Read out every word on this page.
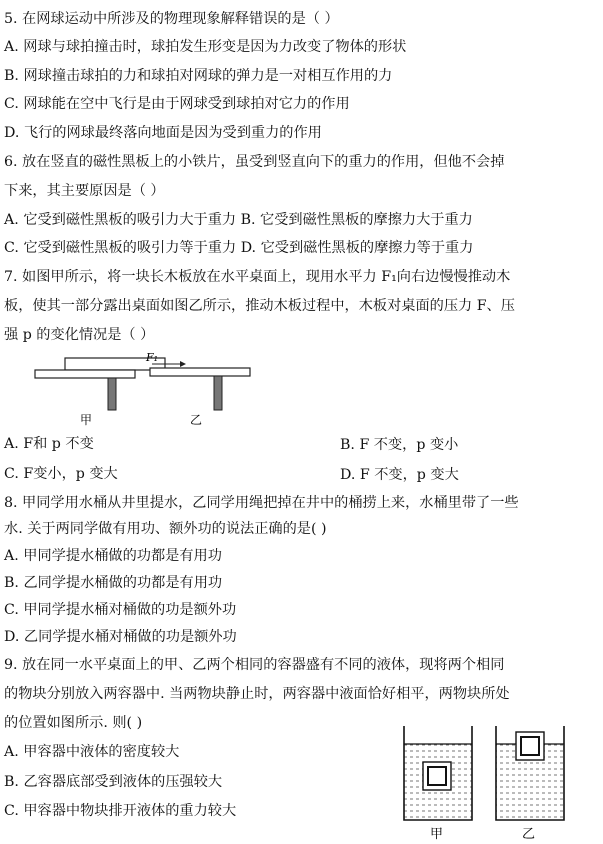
5. 在网球运动中所涉及的物理现象解释错误的是（ ）
A. 网球与球拍撞击时，球拍发生形变是因为力改变了物体的形状
B. 网球撞击球拍的力和球拍对网球的弹力是一对相互作用的力
C. 网球能在空中飞行是由于网球受到球拍对它力的作用
D. 飞行的网球最终落向地面是因为受到重力的作用
6. 放在竖直的磁性黑板上的小铁片，虽受到竖直向下的重力的作用，但他不会掉
下来，其主要原因是（ ）
A. 它受到磁性黑板的吸引力大于重力 B. 它受到磁性黑板的摩擦力大于重力
C. 它受到磁性黑板的吸引力等于重力 D. 它受到磁性黑板的摩擦力等于重力
7. 如图甲所示，将一块长木板放在水平桌面上，现用水平力 F₁向右边慢慢推动木
板，使其一部分露出桌面如图乙所示，推动木板过程中，木板对桌面的压力 F、压
强 p 的变化情况是（ ）
F₁
甲	乙
A. F和 p 不变	B. F 不变，p 变小
C. F变小，p 变大	D. F 不变，p 变大
8. 甲同学用水桶从井里提水，乙同学用绳把掉在井中的桶捞上来，水桶里带了一些
水. 关于两同学做有用功、额外功的说法正确的是( )
A. 甲同学提水桶做的功都是有用功
B. 乙同学提水桶做的功都是有用功
C. 甲同学提水桶对桶做的功是额外功
D. 乙同学提水桶对桶做的功是额外功
9. 放在同一水平桌面上的甲、乙两个相同的容器盛有不同的液体，现将两个相同
的物块分别放入两容器中. 当两物块静止时，两容器中液面恰好相平，两物块所处
的位置如图所示. 则( )
A. 甲容器中液体的密度较大
B. 乙容器底部受到液体的压强较大
C. 甲容器中物块排开液体的重力较大
甲	乙
